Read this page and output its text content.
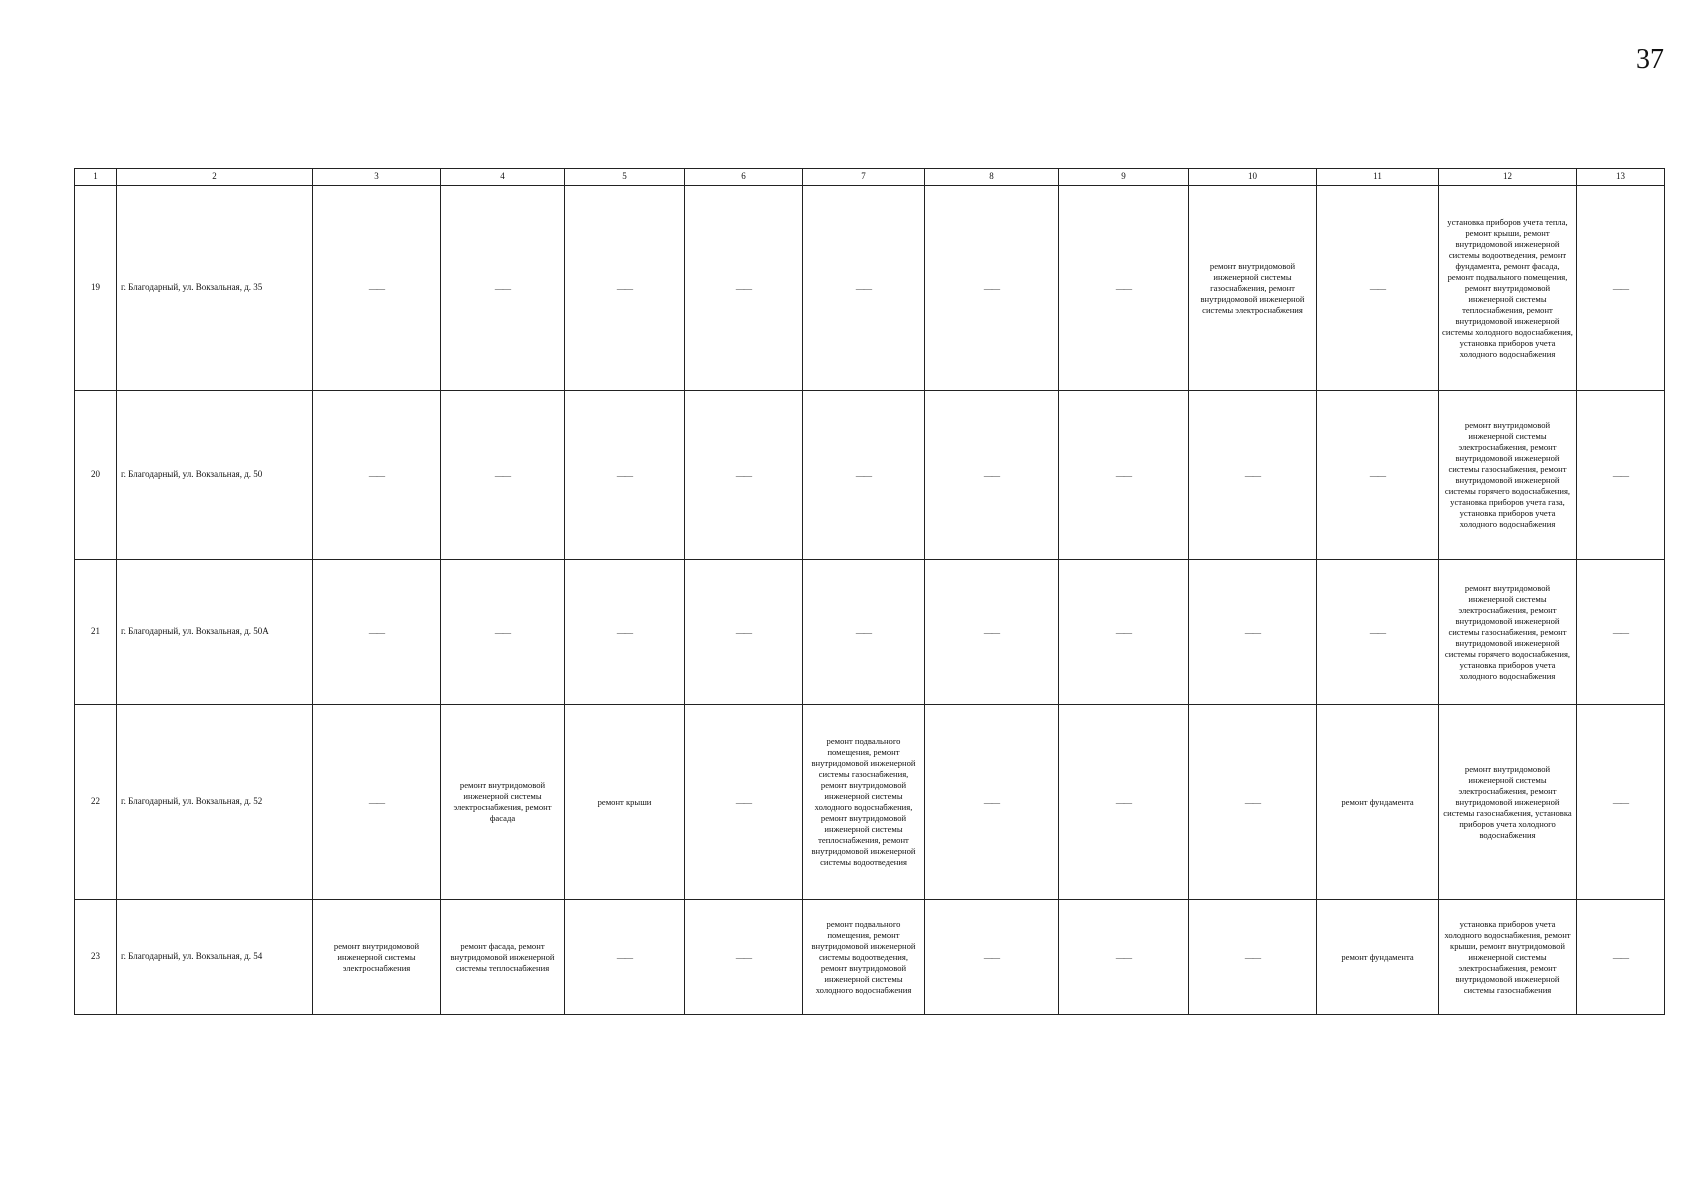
37
1	2	3	4	5	6	7	8	9	10	11	12	13
19	г. Благодарный, ул. Вокзальная, д. 35	——	——	——	——	——	——	——	ремонт внутридомовой инженерной системы газоснабжения, ремонт внутридомовой инженерной системы электроснабжения	——	установка приборов учета тепла, ремонт крыши, ремонт внутридомовой инженерной системы водоотведения, ремонт фундамента, ремонт фасада, ремонт подвального помещения, ремонт внутридомовой инженерной системы теплоснабжения, ремонт внутридомовой инженерной системы холодного водоснабжения, установка приборов учета холодного водоснабжения	——
20	г. Благодарный, ул. Вокзальная, д. 50	——	——	——	——	——	——	——	——	——	ремонт внутридомовой инженерной системы электроснабжения, ремонт внутридомовой инженерной системы газоснабжения, ремонт внутридомовой инженерной системы горячего водоснабжения, установка приборов учета газа, установка приборов учета холодного водоснабжения	——
21	г. Благодарный, ул. Вокзальная, д. 50А	——	——	——	——	——	——	——	——	——	ремонт внутридомовой инженерной системы электроснабжения, ремонт внутридомовой инженерной системы газоснабжения, ремонт внутридомовой инженерной системы горячего водоснабжения, установка приборов учета холодного водоснабжения	——
22	г. Благодарный, ул. Вокзальная, д. 52	——	ремонт внутридомовой инженерной системы электроснабжения, ремонт фасада	ремонт крыши	——	ремонт подвального помещения, ремонт внутридомовой инженерной системы газоснабжения, ремонт внутридомовой инженерной системы холодного водоснабжения, ремонт внутридомовой инженерной системы теплоснабжения, ремонт внутридомовой инженерной системы водоотведения	——	——	——	ремонт фундамента	ремонт внутридомовой инженерной системы электроснабжения, ремонт внутридомовой инженерной системы газоснабжения, установка приборов учета холодного водоснабжения	——
23	г. Благодарный, ул. Вокзальная, д. 54	ремонт внутридомовой инженерной системы электроснабжения	ремонт фасада, ремонт внутридомовой инженерной системы теплоснабжения	——	——	ремонт подвального помещения, ремонт внутридомовой инженерной системы водоотведения, ремонт внутридомовой инженерной системы холодного водоснабжения	——	——	——	ремонт фундамента	установка приборов учета холодного водоснабжения, ремонт крыши, ремонт внутридомовой инженерной системы электроснабжения, ремонт внутридомовой инженерной системы газоснабжения	——
